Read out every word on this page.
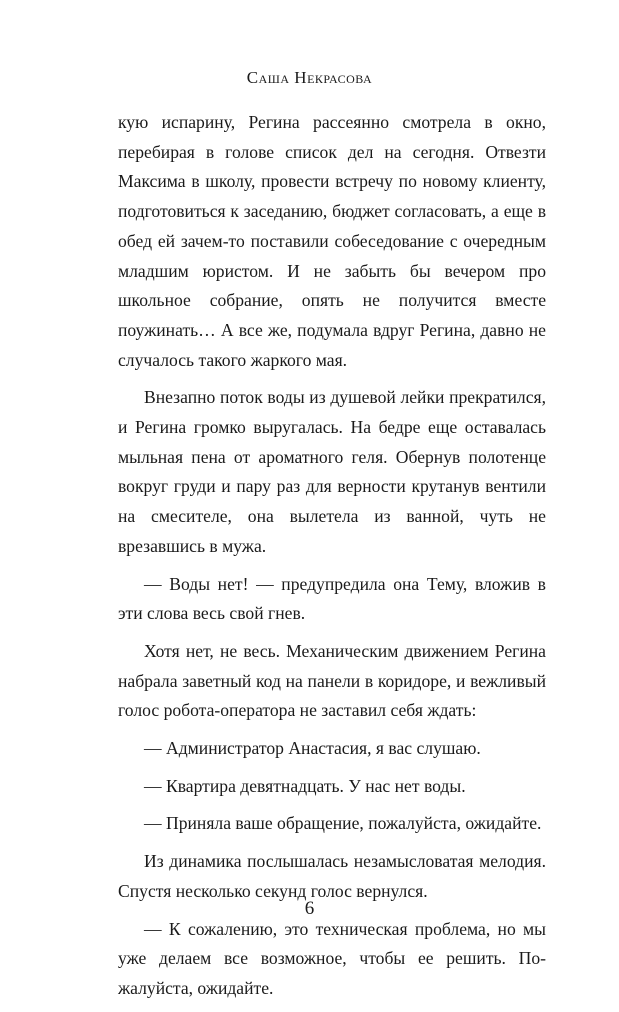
Саша Некрасова

кую испарину, Регина рассеянно смотрела в окно, перебирая в голове список дел на сегодня. Отвезти Максима в школу, провести встречу по новому клиенту, подготовиться к заседанию, бюджет согласовать, а еще в обед ей зачем-то поставили собеседование с очередным младшим юристом. И не забыть бы вечером про школьное собрание, опять не получится вместе поужинать… А все же, подумала вдруг Регина, давно не случалось такого жаркого мая.

Внезапно поток воды из душевой лейки прекратился, и Регина громко выругалась. На бедре еще оставалась мыльная пена от ароматного геля. Обернув полотенце вокруг груди и пару раз для верности крутанув вентили на смесителе, она вылетела из ванной, чуть не врезавшись в мужа.

— Воды нет! — предупредила она Тему, вложив в эти слова весь свой гнев.

Хотя нет, не весь. Механическим движением Регина набрала заветный код на панели в коридоре, и вежливый голос робота-оператора не заставил себя ждать:

— Администратор Анастасия, я вас слушаю.

— Квартира девятнадцать. У нас нет воды.

— Приняла ваше обращение, пожалуйста, ожидайте.

Из динамика послышалась незамысловатая мелодия. Спустя несколько секунд голос вернулся.

— К сожалению, это техническая проблема, но мы уже делаем все возможное, чтобы ее решить. Пожалуйста, ожидайте.

6
